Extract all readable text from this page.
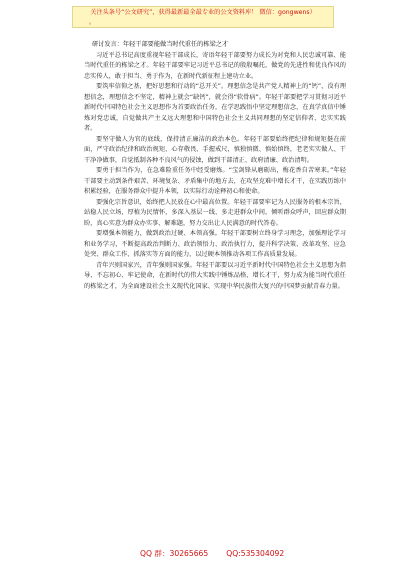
关注头条号“公文研究”，获得最新最全最专业的公文资料库！ 微信：gongwens）
。

研讨发言：年轻干部要能做当时代重任的栋梁之才

习近平总书记高度重视年轻干部成长，寄语年轻干部要努力成长为对党和人民忠诚可靠、能当时代重任的栋梁之才。年轻干部要牢记习近平总书记的殷殷嘱托，做党的先进性和优良作风的忠实传人，敢于担当、勇于作为，在新时代新征程上建功立业。

要筑牢信仰之基，把好思想和行动的“总开关”。理想信念是共产党人精神上的“钙”，没有理想信念，理想信念不坚定，精神上就会“缺钙”，就会得“软骨病”。年轻干部要把学习贯彻习近平新时代中国特色社会主义思想作为首要政治任务，在学思践悟中坚定理想信念，在真学真信中锤炼对党忠诚，自觉做共产主义远大理想和中国特色社会主义共同理想的坚定信仰者、忠实实践者。

要坚守做人为官的底线，保持清正廉洁的政治本色。年轻干部要始终把纪律和规矩挺在前面，严守政治纪律和政治规矩，心存敬畏、手握戒尺，慎独慎微、慎始慎终，老老实实做人、干干净净做事，自觉抵制各种不良风气的侵蚀，做到干部清正、政府清廉、政治清明。

要勇于担当作为，在急难险重任务中经受磨炼。“宝剑锋从磨砺出，梅花香自苦寒来。”年轻干部要主动到条件艰苦、环境复杂、矛盾集中的地方去，在攻坚克难中增长才干，在实践历练中积累经验，在服务群众中提升本领，以实际行动诠释初心和使命。

要强化宗旨意识，始终把人民放在心中最高位置。年轻干部要牢记为人民服务的根本宗旨，站稳人民立场，厚植为民情怀，多深入基层一线、多走进群众中间，倾听群众呼声，回应群众期盼，真心实意为群众办实事、解难题，努力交出让人民满意的时代答卷。

要增强本领能力，做到政治过硬、本领高强。年轻干部要树立终身学习理念，加强理论学习和业务学习，不断提高政治判断力、政治领悟力、政治执行力，提升科学决策、改革攻坚、应急处突、群众工作、抓落实等方面的能力，以过硬本领推动各项工作高质量发展。

青年兴则国家兴，青年强则国家强。年轻干部要以习近平新时代中国特色社会主义思想为指导，不忘初心、牢记使命，在新时代的伟大实践中锤炼品格、增长才干，努力成为能当时代重任的栋梁之才，为全面建设社会主义现代化国家、实现中华民族伟大复兴的中国梦贡献青春力量。

QQ 群：30265665 QQ:535304092
